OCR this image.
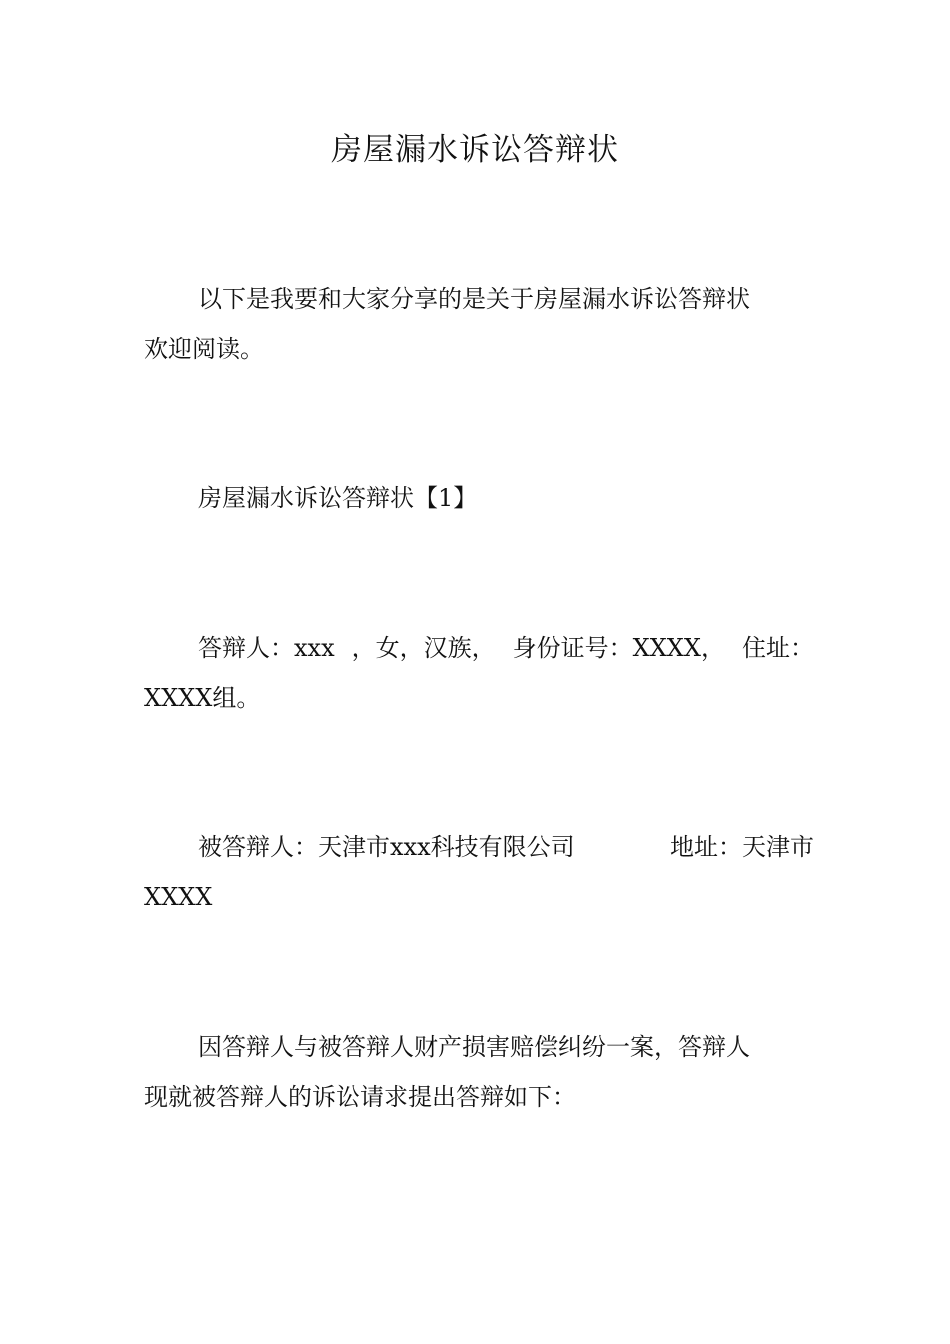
房屋漏水诉讼答辩状
以下是我要和大家分享的是关于房屋漏水诉讼答辩状
欢迎阅读。
房屋漏水诉讼答辩状【1】
答辩人：xxx ，女，汉族， 身份证号：XXXX， 住址：
XXXX组。
被答辩人：天津市xxx科技有限公司	地址：天津市
XXXX
因答辩人与被答辩人财产损害赔偿纠纷一案，答辩人
现就被答辩人的诉讼请求提出答辩如下：
